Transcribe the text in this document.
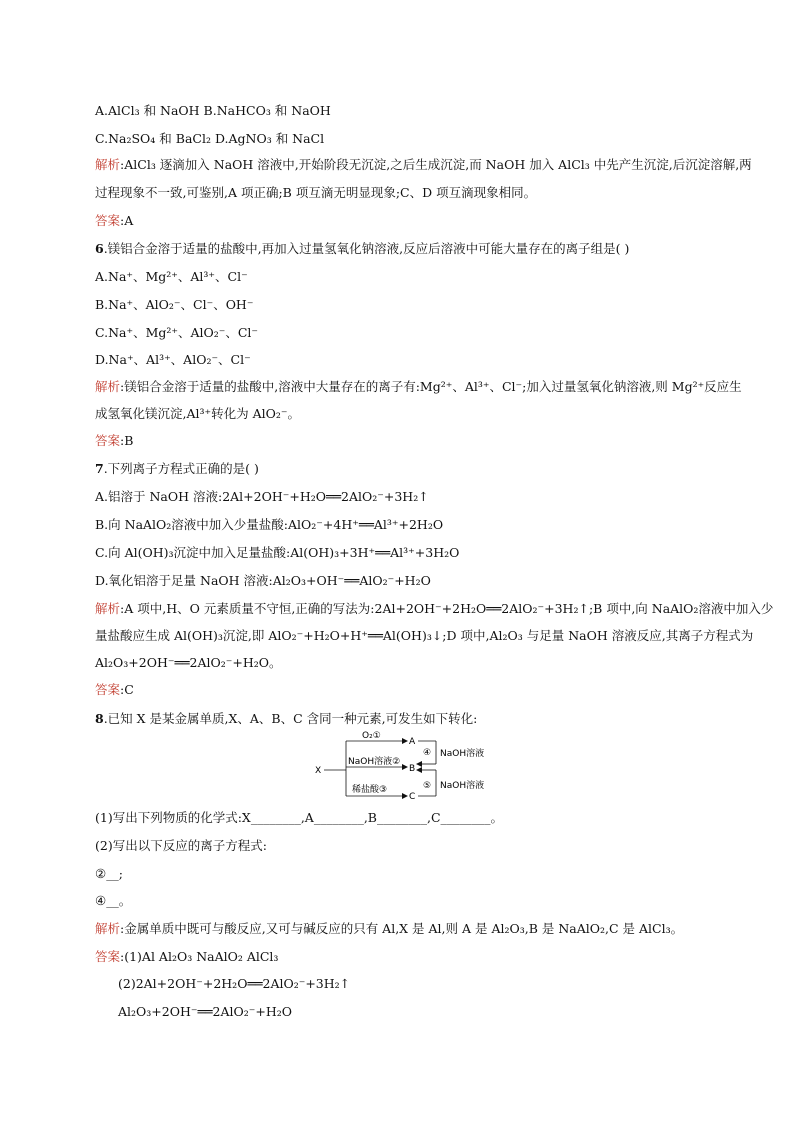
A.AlCl₃ 和 NaOH B.NaHCO₃ 和 NaOH
C.Na₂SO₄ 和 BaCl₂ D.AgNO₃ 和 NaCl
解析:AlCl₃ 逐滴加入 NaOH 溶液中,开始阶段无沉淀,之后生成沉淀,而 NaOH 加入 AlCl₃ 中先产生沉淀,后沉淀溶解,两
过程现象不一致,可鉴别,A 项正确;B 项互滴无明显现象;C、D 项互滴现象相同。
答案:A
6.镁铝合金溶于适量的盐酸中,再加入过量氢氧化钠溶液,反应后溶液中可能大量存在的离子组是( )
A.Na⁺、Mg²⁺、Al³⁺、Cl⁻
B.Na⁺、AlO₂⁻、Cl⁻、OH⁻
C.Na⁺、Mg²⁺、AlO₂⁻、Cl⁻
D.Na⁺、Al³⁺、AlO₂⁻、Cl⁻
解析:镁铝合金溶于适量的盐酸中,溶液中大量存在的离子有:Mg²⁺、Al³⁺、Cl⁻;加入过量氢氧化钠溶液,则 Mg²⁺反应生
成氢氧化镁沉淀,Al³⁺转化为 AlO₂⁻。
答案:B
7.下列离子方程式正确的是( )
A.铝溶于 NaOH 溶液:2Al+2OH⁻+H₂O══2AlO₂⁻+3H₂↑
B.向 NaAlO₂溶液中加入少量盐酸:AlO₂⁻+4H⁺══Al³⁺+2H₂O
C.向 Al(OH)₃沉淀中加入足量盐酸:Al(OH)₃+3H⁺══Al³⁺+3H₂O
D.氧化铝溶于足量 NaOH 溶液:Al₂O₃+OH⁻══AlO₂⁻+H₂O
解析:A 项中,H、O 元素质量不守恒,正确的写法为:2Al+2OH⁻+2H₂O══2AlO₂⁻+3H₂↑;B 项中,向 NaAlO₂溶液中加入少
量盐酸应生成 Al(OH)₃沉淀,即 AlO₂⁻+H₂O+H⁺══Al(OH)₃↓;D 项中,Al₂O₃ 与足量 NaOH 溶液反应,其离子方程式为
Al₂O₃+2OH⁻══2AlO₂⁻+H₂O。
答案:C
8.已知 X 是某金属单质,X、A、B、C 含同一种元素,可发生如下转化:
X
O₂①
NaOH溶液②
稀盐酸③
A
B
C
④
⑤
NaOH溶液
NaOH溶液
(1)写出下列物质的化学式:X________,A________,B________,C________。
(2)写出以下反应的离子方程式:
②__;
④__。
解析:金属单质中既可与酸反应,又可与碱反应的只有 Al,X 是 Al,则 A 是 Al₂O₃,B 是 NaAlO₂,C 是 AlCl₃。
答案:(1)Al Al₂O₃ NaAlO₂ AlCl₃
(2)2Al+2OH⁻+2H₂O══2AlO₂⁻+3H₂↑
Al₂O₃+2OH⁻══2AlO₂⁻+H₂O
